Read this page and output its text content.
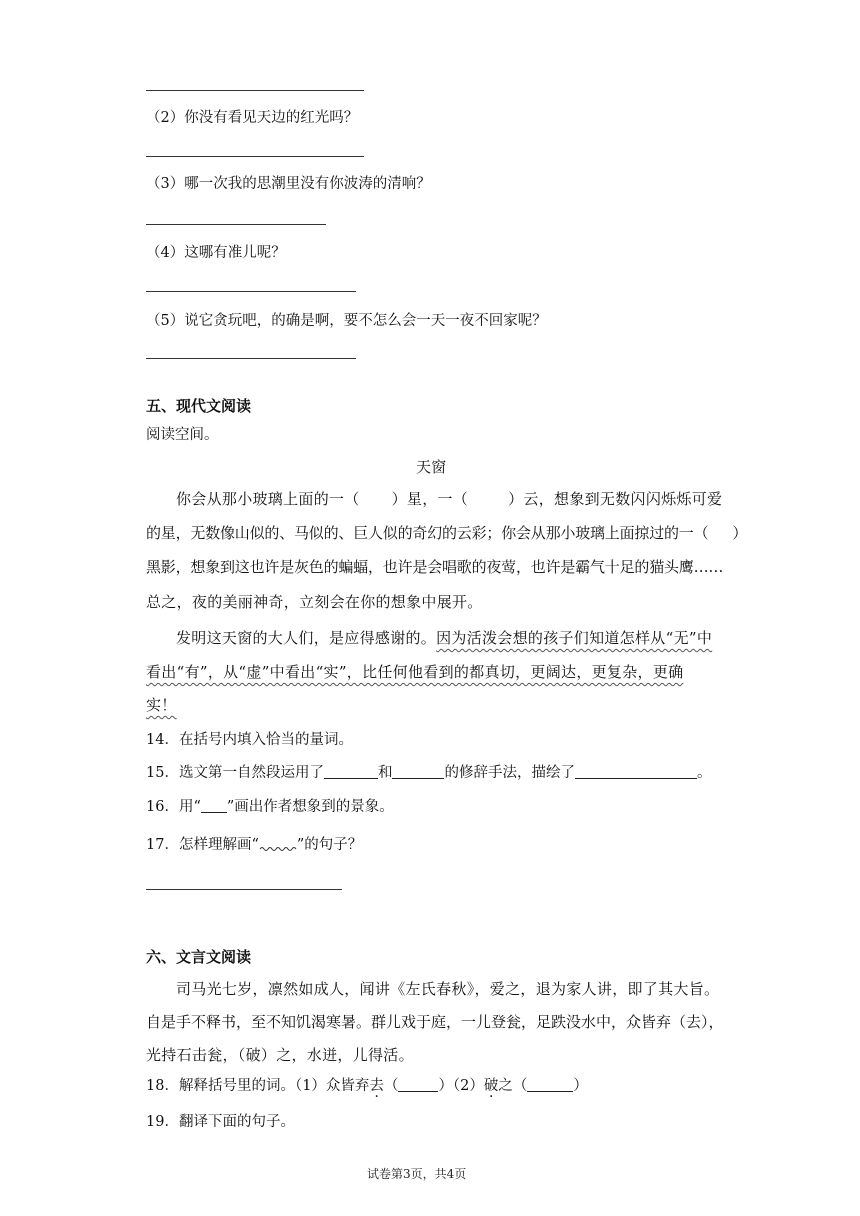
（2）你没有看见天边的红光吗？
（3）哪一次我的思潮里没有你波涛的清响？
（4）这哪有准儿呢？
（5）说它贪玩吧，的确是啊，要不怎么会一天一夜不回家呢？
五、现代文阅读
阅读空间。
天窗
你会从那小玻璃上面的一（ ）星，一（	）云，想象到无数闪闪烁烁可爱
的星，无数像山似的、马似的、巨人似的奇幻的云彩；你会从那小玻璃上面掠过的一（ ）
黑影，想象到这也许是灰色的蝙蝠，也许是会唱歌的夜莺，也许是霸气十足的猫头鹰……
总之，夜的美丽神奇，立刻会在你的想象中展开。
发明这天窗的大人们，是应得感谢的。因为活泼会想的孩子们知道怎样从“无”中
看出“有”，从“虚”中看出“实”，比任何他看到的都真切，更阔达，更复杂，更确
实！
14．在括号内填入恰当的量词。
15．选文第一自然段运用了	和	的修辞手法，描绘了	。
16．用“ ”画出作者想象到的景象。
17．怎样理解画“	”的句子？
六、文言文阅读
司马光七岁，凛然如成人，闻讲《左氏春秋》，爱之，退为家人讲，即了其大旨。
自是手不释书，至不知饥渴寒暑。群儿戏于庭，一儿登瓮，足跌没水中，众皆弃（去），
光持石击瓮，（破）之，水迸，儿得活。
18．解释括号里的词。（1）众皆弃去（	）（2）破之（	）
19．翻译下面的句子。
试卷第3页，共4页
